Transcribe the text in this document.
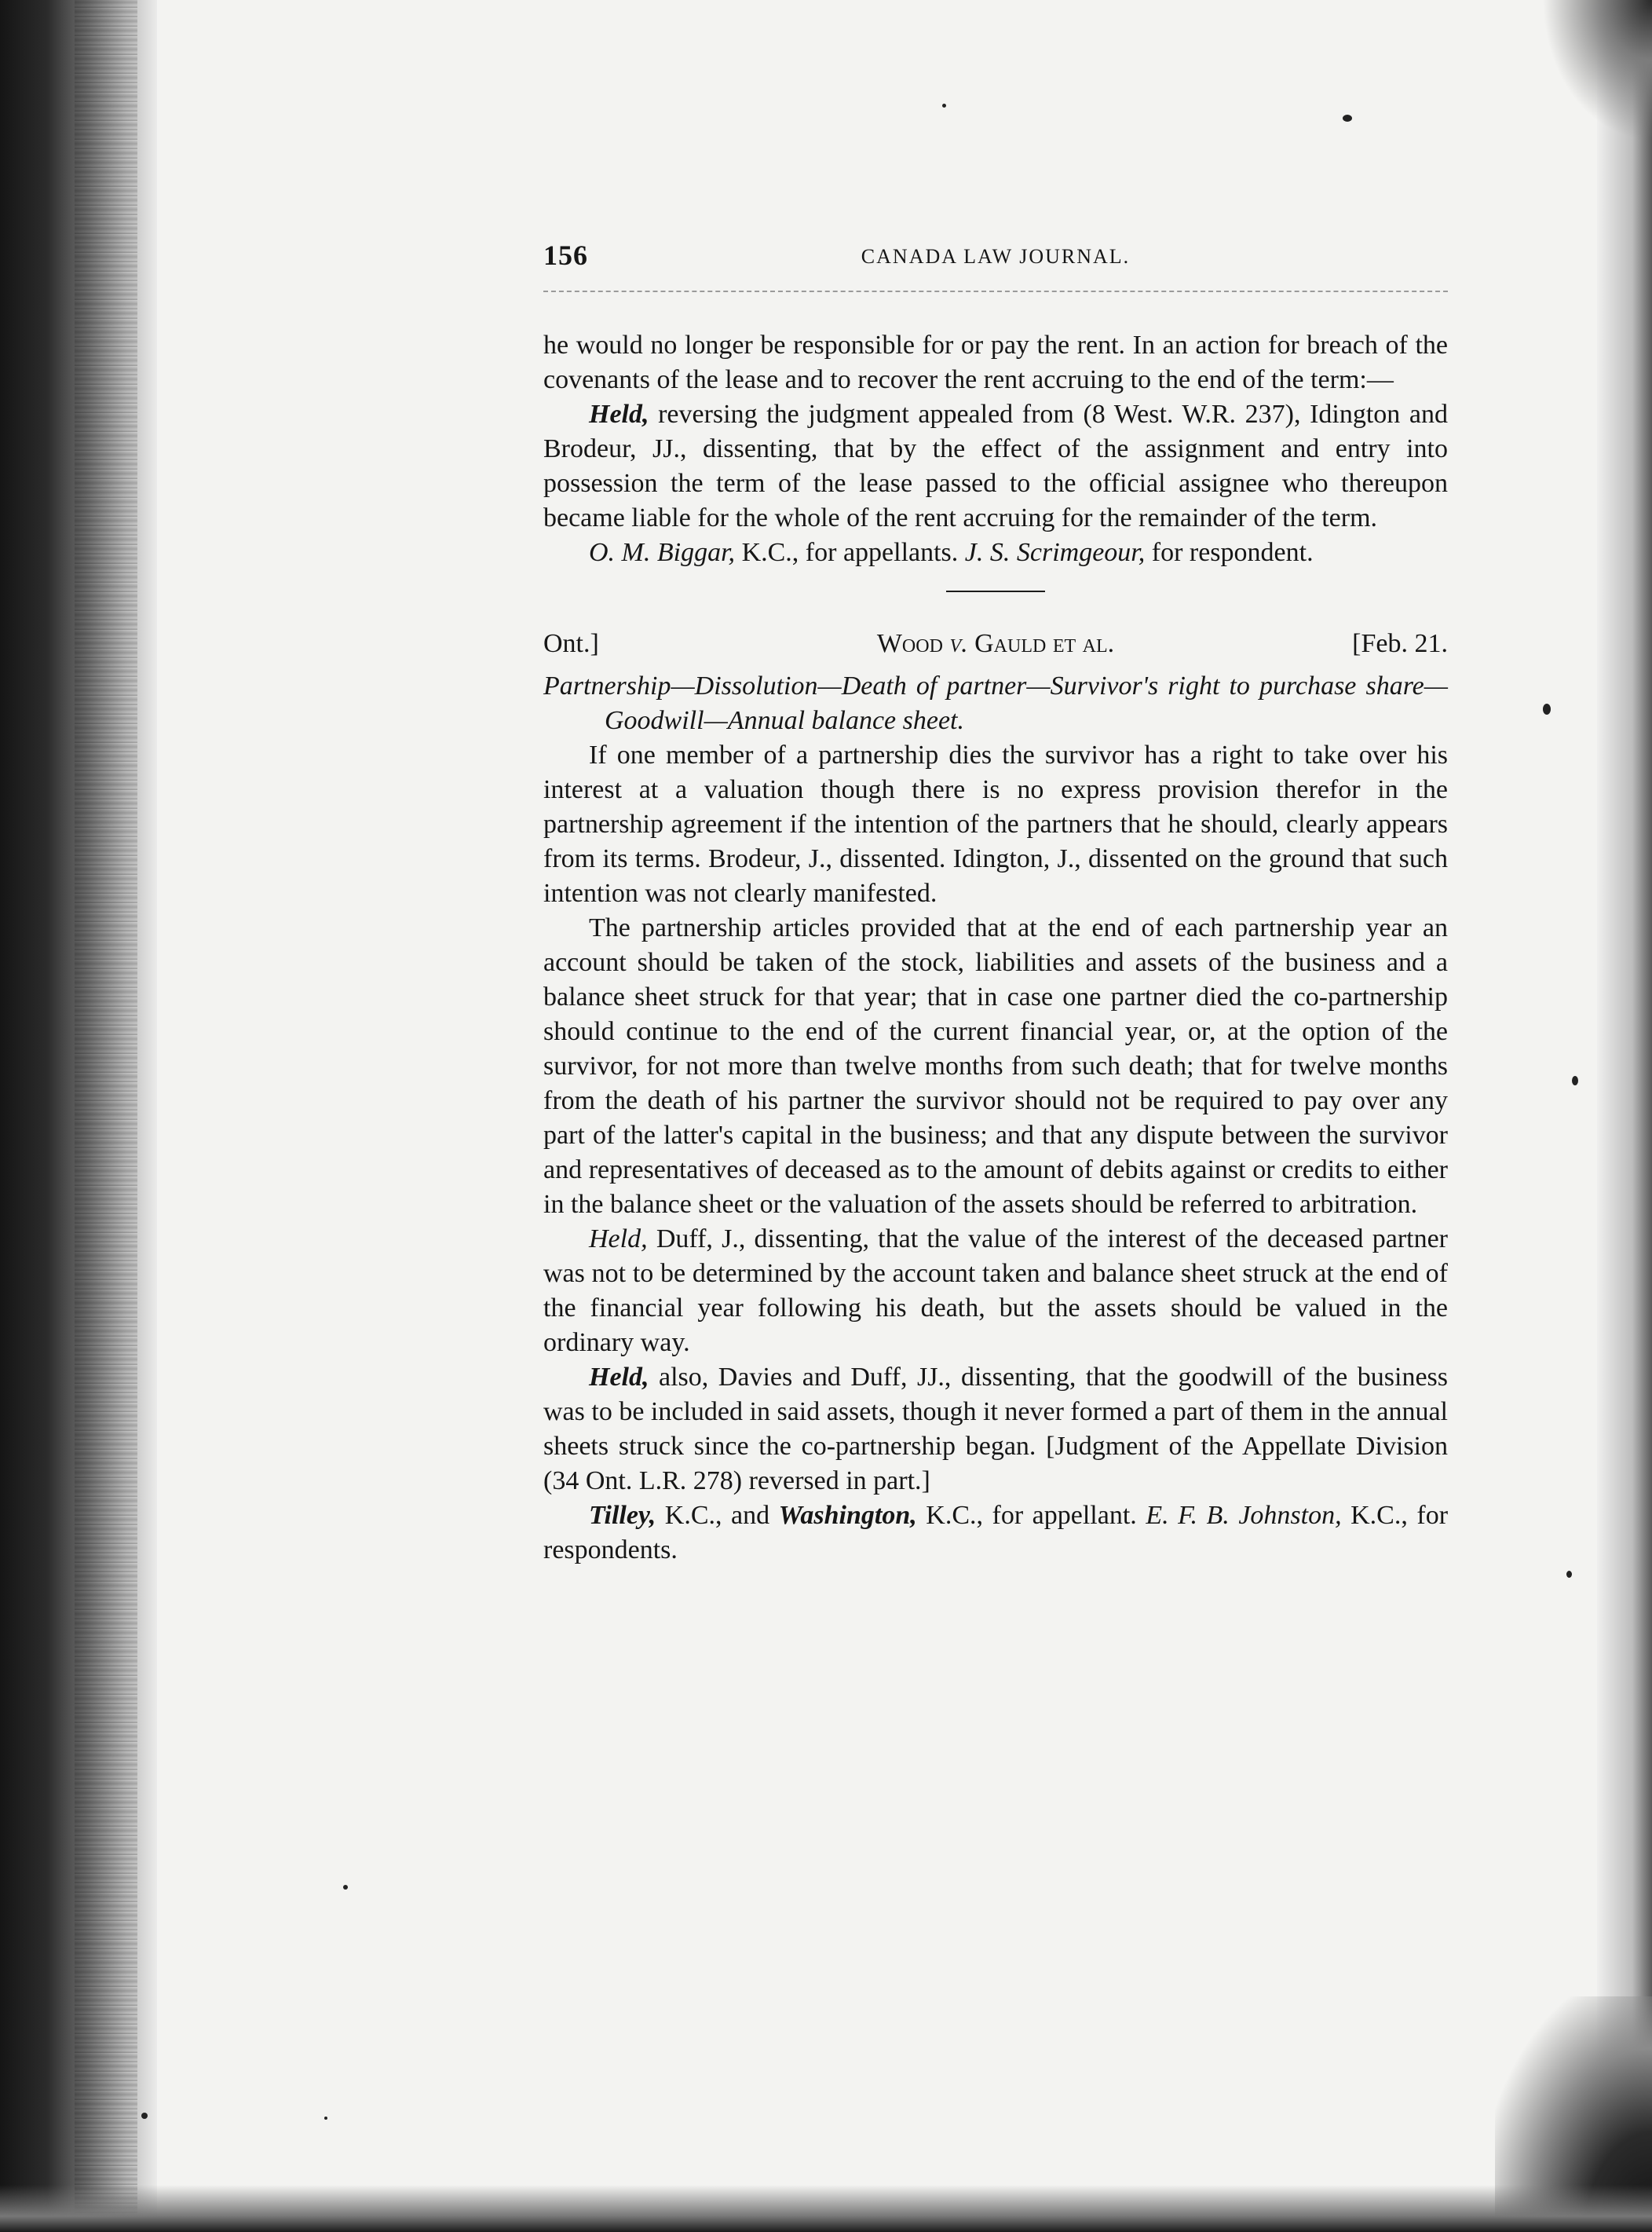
156	CANADA LAW JOURNAL.

he would no longer be responsible for or pay the rent. In an action for breach of the covenants of the lease and to recover the rent accruing to the end of the term:—

Held, reversing the judgment appealed from (8 West. W.R. 237), Idington and Brodeur, JJ., dissenting, that by the effect of the assignment and entry into possession the term of the lease passed to the official assignee who thereupon became liable for the whole of the rent accruing for the remainder of the term.

O. M. Biggar, K.C., for appellants. J. S. Scrimgeour, for respondent.

Ont.]	Wood v. Gauld et al.	[Feb. 21.

Partnership—Dissolution—Death of partner—Survivor's right to purchase share—Goodwill—Annual balance sheet.

If one member of a partnership dies the survivor has a right to take over his interest at a valuation though there is no express provision therefor in the partnership agreement if the intention of the partners that he should, clearly appears from its terms. Brodeur, J., dissented. Idington, J., dissented on the ground that such intention was not clearly manifested.

The partnership articles provided that at the end of each partnership year an account should be taken of the stock, liabilities and assets of the business and a balance sheet struck for that year; that in case one partner died the co-partnership should continue to the end of the current financial year, or, at the option of the survivor, for not more than twelve months from such death; that for twelve months from the death of his partner the survivor should not be required to pay over any part of the latter's capital in the business; and that any dispute between the survivor and representatives of deceased as to the amount of debits against or credits to either in the balance sheet or the valuation of the assets should be referred to arbitration.

Held, Duff, J., dissenting, that the value of the interest of the deceased partner was not to be determined by the account taken and balance sheet struck at the end of the financial year following his death, but the assets should be valued in the ordinary way.

Held, also, Davies and Duff, JJ., dissenting, that the goodwill of the business was to be included in said assets, though it never formed a part of them in the annual sheets struck since the co-partnership began. [Judgment of the Appellate Division (34 Ont. L.R. 278) reversed in part.]

Tilley, K.C., and Washington, K.C., for appellant. E. F. B. Johnston, K.C., for respondents.
